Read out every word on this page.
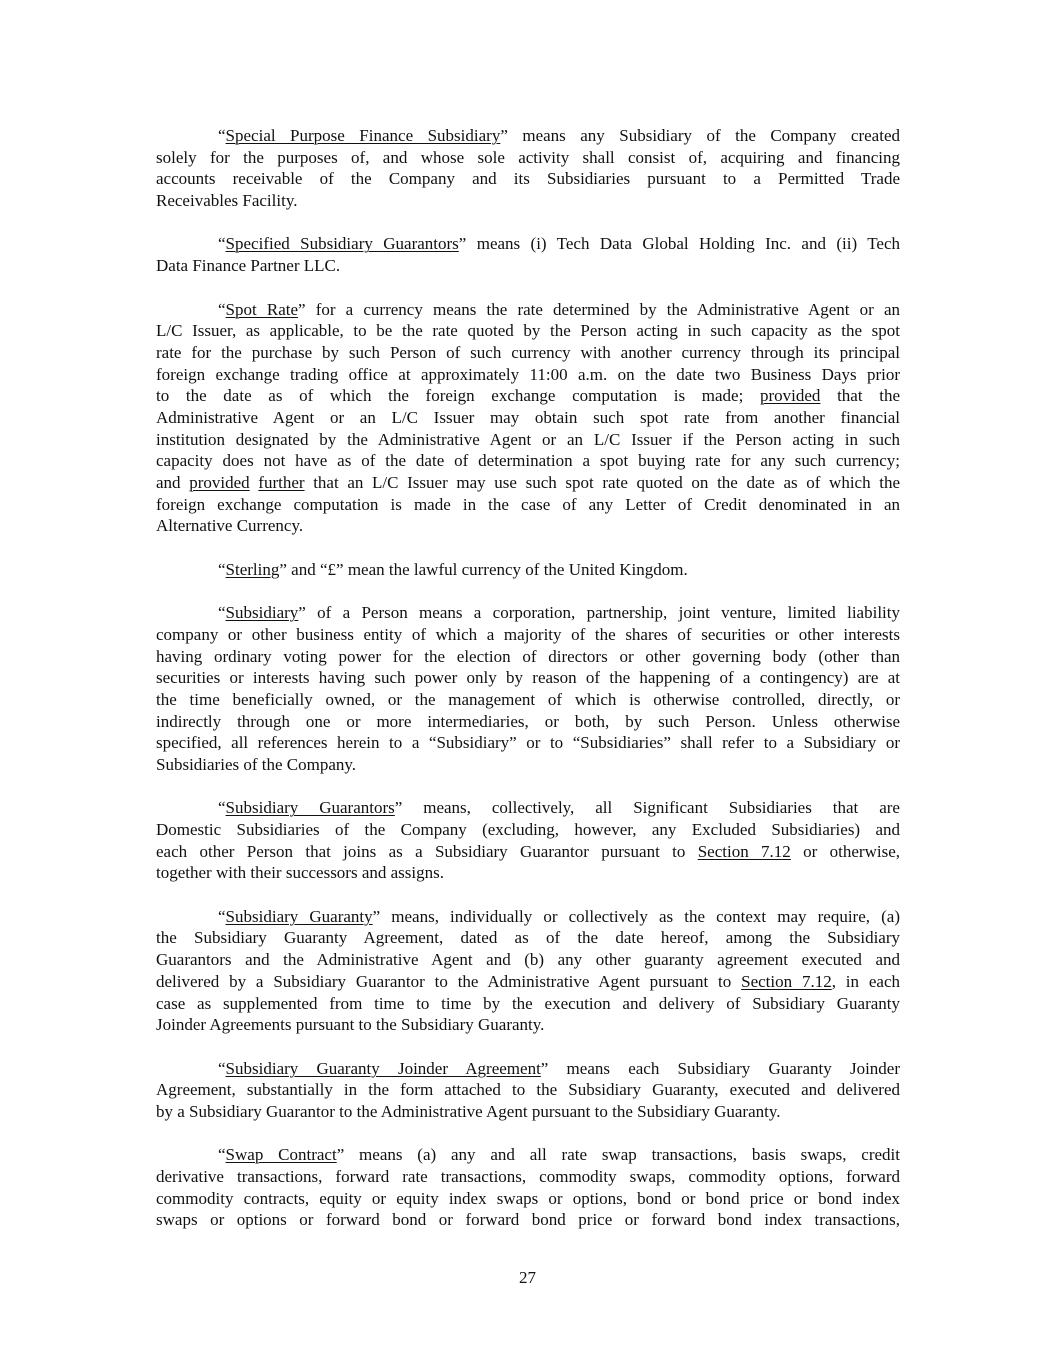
“Special Purpose Finance Subsidiary” means any Subsidiary of the Company created
solely for the purposes of, and whose sole activity shall consist of, acquiring and financing
accounts receivable of the Company and its Subsidiaries pursuant to a Permitted Trade
Receivables Facility.
“Specified Subsidiary Guarantors” means (i) Tech Data Global Holding Inc. and (ii) Tech
Data Finance Partner LLC.
“Spot Rate” for a currency means the rate determined by the Administrative Agent or an
L/C Issuer, as applicable, to be the rate quoted by the Person acting in such capacity as the spot
rate for the purchase by such Person of such currency with another currency through its principal
foreign exchange trading office at approximately 11:00 a.m. on the date two Business Days prior
to the date as of which the foreign exchange computation is made; provided that the
Administrative Agent or an L/C Issuer may obtain such spot rate from another financial
institution designated by the Administrative Agent or an L/C Issuer if the Person acting in such
capacity does not have as of the date of determination a spot buying rate for any such currency;
and provided further that an L/C Issuer may use such spot rate quoted on the date as of which the
foreign exchange computation is made in the case of any Letter of Credit denominated in an
Alternative Currency.
“Sterling” and “£” mean the lawful currency of the United Kingdom.
“Subsidiary” of a Person means a corporation, partnership, joint venture, limited liability
company or other business entity of which a majority of the shares of securities or other interests
having ordinary voting power for the election of directors or other governing body (other than
securities or interests having such power only by reason of the happening of a contingency) are at
the time beneficially owned, or the management of which is otherwise controlled, directly, or
indirectly through one or more intermediaries, or both, by such Person. Unless otherwise
specified, all references herein to a “Subsidiary” or to “Subsidiaries” shall refer to a Subsidiary or
Subsidiaries of the Company.
“Subsidiary Guarantors” means, collectively, all Significant Subsidiaries that are
Domestic Subsidiaries of the Company (excluding, however, any Excluded Subsidiaries) and
each other Person that joins as a Subsidiary Guarantor pursuant to Section 7.12 or otherwise,
together with their successors and assigns.
“Subsidiary Guaranty” means, individually or collectively as the context may require, (a)
the Subsidiary Guaranty Agreement, dated as of the date hereof, among the Subsidiary
Guarantors and the Administrative Agent and (b) any other guaranty agreement executed and
delivered by a Subsidiary Guarantor to the Administrative Agent pursuant to Section 7.12, in each
case as supplemented from time to time by the execution and delivery of Subsidiary Guaranty
Joinder Agreements pursuant to the Subsidiary Guaranty.
“Subsidiary Guaranty Joinder Agreement” means each Subsidiary Guaranty Joinder
Agreement, substantially in the form attached to the Subsidiary Guaranty, executed and delivered
by a Subsidiary Guarantor to the Administrative Agent pursuant to the Subsidiary Guaranty.
“Swap Contract” means (a) any and all rate swap transactions, basis swaps, credit
derivative transactions, forward rate transactions, commodity swaps, commodity options, forward
commodity contracts, equity or equity index swaps or options, bond or bond price or bond index
swaps or options or forward bond or forward bond price or forward bond index transactions,
27
